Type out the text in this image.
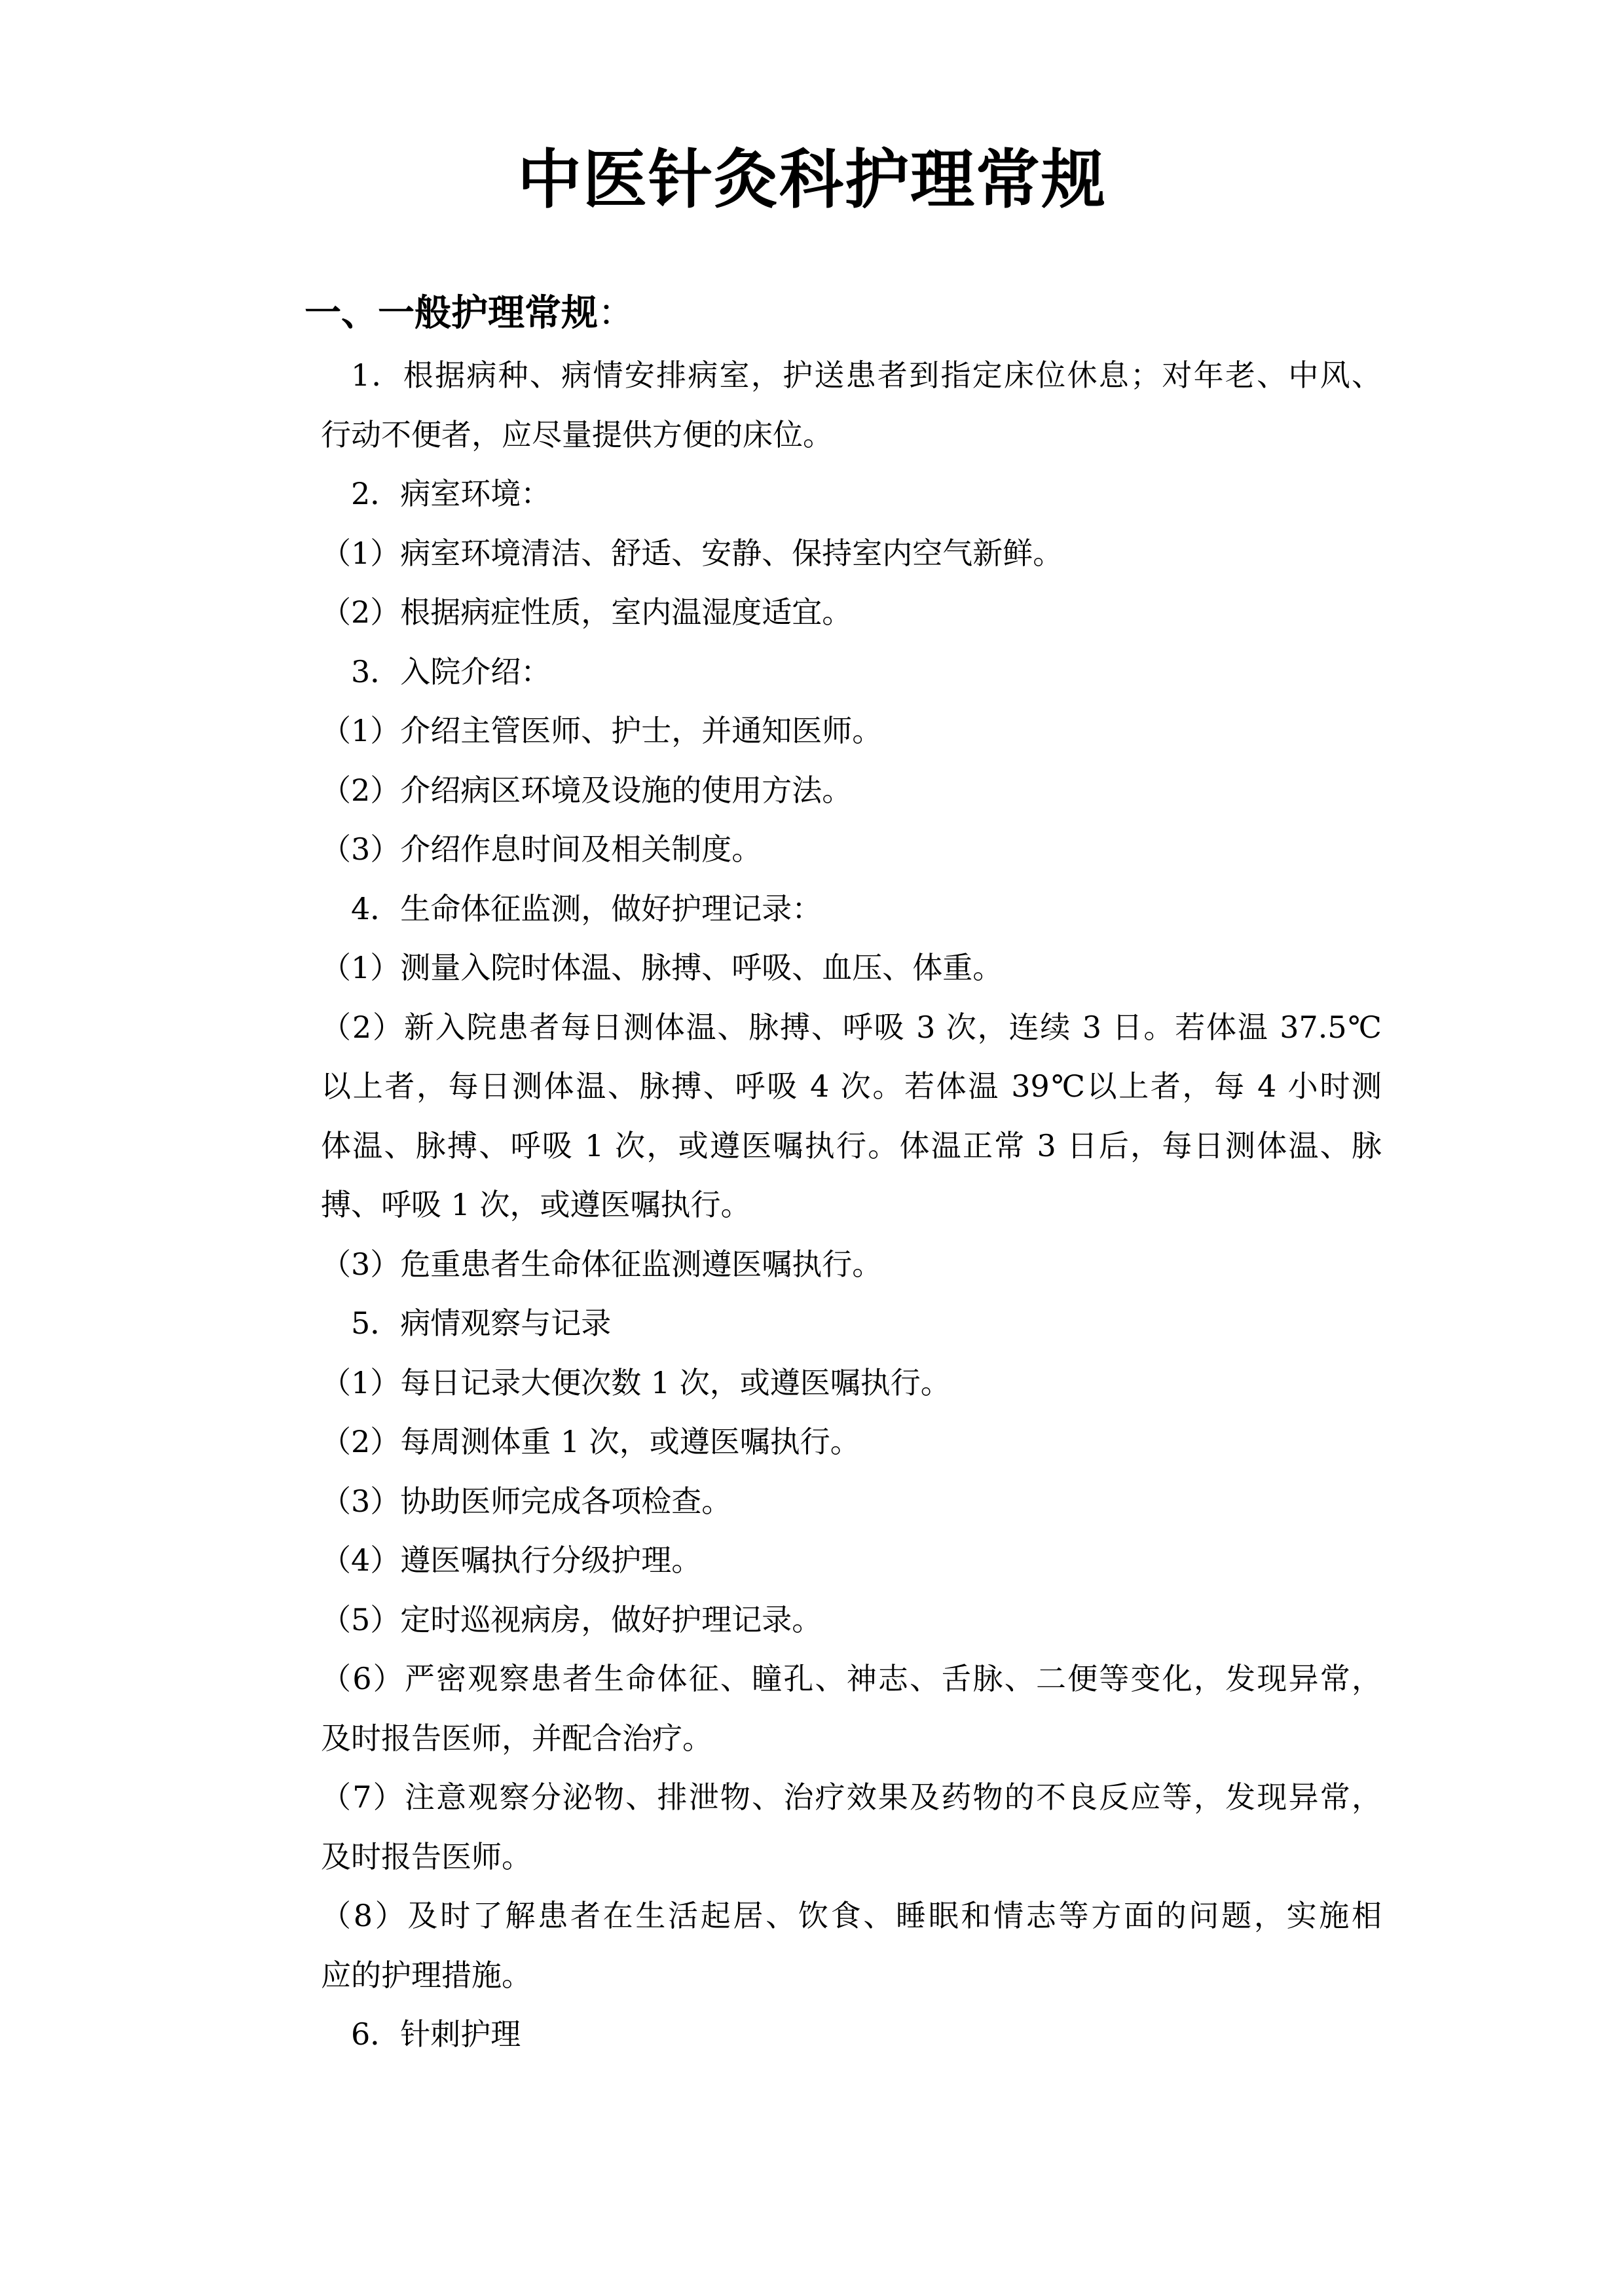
中医针灸科护理常规
一、一般护理常规：
1．根据病种、病情安排病室，护送患者到指定床位休息；对年老、中风、
行动不便者，应尽量提供方便的床位。
2．病室环境：
（1）病室环境清洁、舒适、安静、保持室内空气新鲜。
（2）根据病症性质，室内温湿度适宜。
3．入院介绍：
（1）介绍主管医师、护士，并通知医师。
（2）介绍病区环境及设施的使用方法。
（3）介绍作息时间及相关制度。
4．生命体征监测，做好护理记录：
（1）测量入院时体温、脉搏、呼吸、血压、体重。
（2）新入院患者每日测体温、脉搏、呼吸 3 次，连续 3 日。若体温 37.5℃
以上者，每日测体温、脉搏、呼吸 4 次。若体温 39℃以上者，每 4 小时测
体温、脉搏、呼吸 1 次，或遵医嘱执行。体温正常 3 日后，每日测体温、脉
搏、呼吸 1 次，或遵医嘱执行。
（3）危重患者生命体征监测遵医嘱执行。
5．病情观察与记录
（1）每日记录大便次数 1 次，或遵医嘱执行。
（2）每周测体重 1 次，或遵医嘱执行。
（3）协助医师完成各项检查。
（4）遵医嘱执行分级护理。
（5）定时巡视病房，做好护理记录。
（6）严密观察患者生命体征、瞳孔、神志、舌脉、二便等变化，发现异常，
及时报告医师，并配合治疗。
（7）注意观察分泌物、排泄物、治疗效果及药物的不良反应等，发现异常，
及时报告医师。
（8）及时了解患者在生活起居、饮食、睡眠和情志等方面的问题，实施相
应的护理措施。
6．针刺护理
